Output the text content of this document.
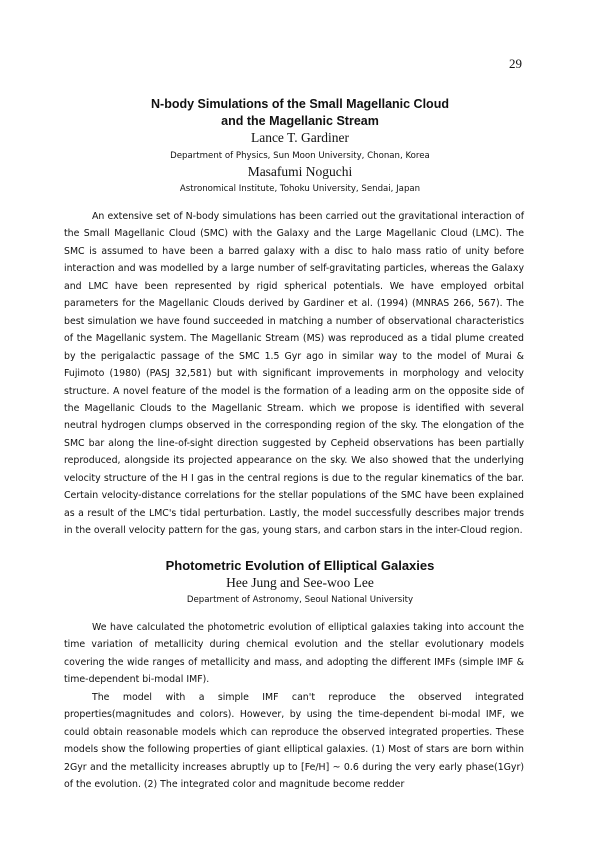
29
N-body Simulations of the Small Magellanic Cloud
and the Magellanic Stream
Lance T. Gardiner
Department of Physics, Sun Moon University, Chonan, Korea
Masafumi Noguchi
Astronomical Institute, Tohoku University, Sendai, Japan

An extensive set of N-body simulations has been carried out the gravitational interaction of the Small Magellanic Cloud (SMC) with the Galaxy and the Large Magellanic Cloud (LMC). The SMC is assumed to have been a barred galaxy with a disc to halo mass ratio of unity before interaction and was modelled by a large number of self-gravitating particles, whereas the Galaxy and LMC have been represented by rigid spherical potentials. We have employed orbital parameters for the Magellanic Clouds derived by Gardiner et al. (1994) (MNRAS 266, 567). The best simulation we have found succeeded in matching a number of observational characteristics of the Magellanic system. The Magellanic Stream (MS) was reproduced as a tidal plume created by the perigalactic passage of the SMC 1.5 Gyr ago in similar way to the model of Murai & Fujimoto (1980) (PASJ 32,581) but with significant improvements in morphology and velocity structure. A novel feature of the model is the formation of a leading arm on the opposite side of the Magellanic Clouds to the Magellanic Stream. which we propose is identified with several neutral hydrogen clumps observed in the corresponding region of the sky. The elongation of the SMC bar along the line-of-sight direction suggested by Cepheid observations has been partially reproduced, alongside its projected appearance on the sky. We also showed that the underlying velocity structure of the H I gas in the central regions is due to the regular kinematics of the bar. Certain velocity-distance correlations for the stellar populations of the SMC have been explained as a result of the LMC's tidal perturbation. Lastly, the model successfully describes major trends in the overall velocity pattern for the gas, young stars, and carbon stars in the inter-Cloud region.

Photometric Evolution of Elliptical Galaxies
Hee Jung and See-woo Lee
Department of Astronomy, Seoul National University

We have calculated the photometric evolution of elliptical galaxies taking into account the time variation of metallicity during chemical evolution and the stellar evolutionary models covering the wide ranges of metallicity and mass, and adopting the different IMFs (simple IMF & time-dependent bi-modal IMF).

The model with a simple IMF can't reproduce the observed integrated

properties(magnitudes and colors). However, by using the time-dependent bi-modal IMF, we could obtain reasonable models which can reproduce the observed integrated properties. These models show the following properties of giant elliptical galaxies. (1) Most of stars are born within 2Gyr and the metallicity increases abruptly up to [Fe/H] ~ 0.6 during the very early phase(1Gyr) of the evolution. (2) The integrated color and magnitude become redder
